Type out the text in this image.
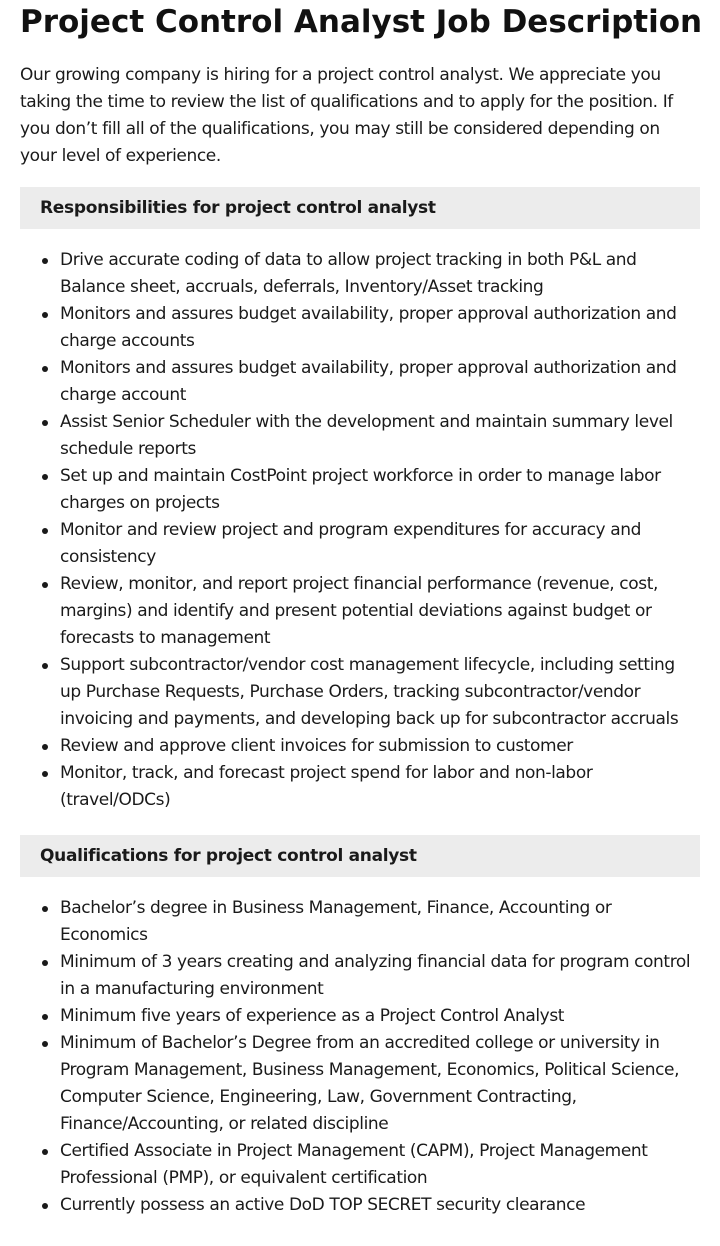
Project Control Analyst Job Description

Our growing company is hiring for a project control analyst. We appreciate you taking the time to review the list of qualifications and to apply for the position. If you don’t fill all of the qualifications, you may still be considered depending on your level of experience.

Responsibilities for project control analyst
Drive accurate coding of data to allow project tracking in both P&L and Balance sheet, accruals, deferrals, Inventory/Asset tracking
Monitors and assures budget availability, proper approval authorization and charge accounts
Monitors and assures budget availability, proper approval authorization and charge account
Assist Senior Scheduler with the development and maintain summary level schedule reports
Set up and maintain CostPoint project workforce in order to manage labor charges on projects
Monitor and review project and program expenditures for accuracy and consistency
Review, monitor, and report project financial performance (revenue, cost, margins) and identify and present potential deviations against budget or forecasts to management
Support subcontractor/vendor cost management lifecycle, including setting up Purchase Requests, Purchase Orders, tracking subcontractor/vendor invoicing and payments, and developing back up for subcontractor accruals
Review and approve client invoices for submission to customer
Monitor, track, and forecast project spend for labor and non-labor (travel/ODCs)
Qualifications for project control analyst
Bachelor’s degree in Business Management, Finance, Accounting or Economics
Minimum of 3 years creating and analyzing financial data for program control in a manufacturing environment
Minimum five years of experience as a Project Control Analyst
Minimum of Bachelor’s Degree from an accredited college or university in Program Management, Business Management, Economics, Political Science, Computer Science, Engineering, Law, Government Contracting, Finance/Accounting, or related discipline
Certified Associate in Project Management (CAPM), Project Management Professional (PMP), or equivalent certification
Currently possess an active DoD TOP SECRET security clearance
